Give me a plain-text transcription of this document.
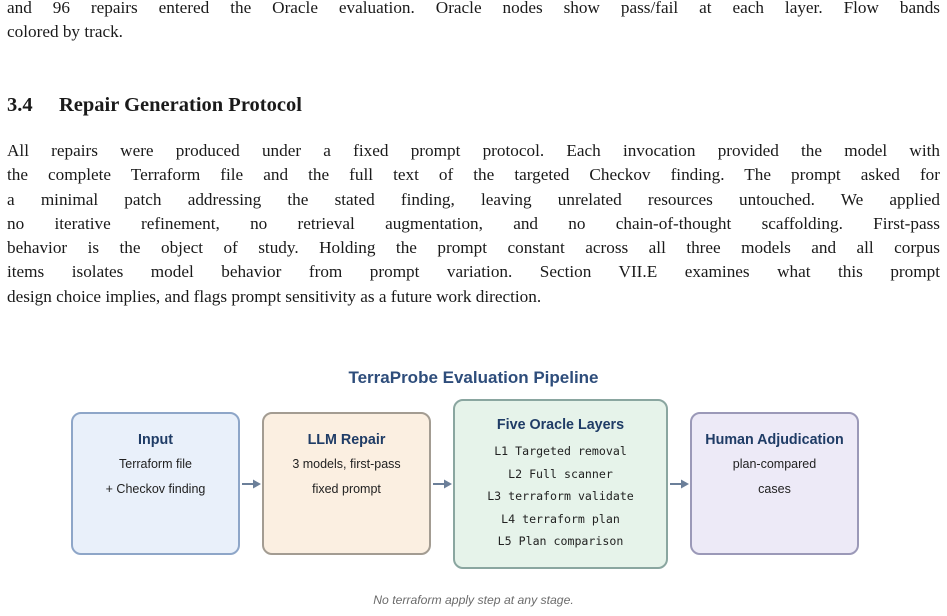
and 96 repairs entered the Oracle evaluation. Oracle nodes show pass/fail at each layer. Flow bands
colored by track.
3.4 Repair Generation Protocol
All repairs were produced under a fixed prompt protocol. Each invocation provided the model with
the complete Terraform file and the full text of the targeted Checkov finding. The prompt asked for
a minimal patch addressing the stated finding, leaving unrelated resources untouched. We applied
no iterative refinement, no retrieval augmentation, and no chain-of-thought scaffolding. First-pass
behavior is the object of study. Holding the prompt constant across all three models and all corpus
items isolates model behavior from prompt variation. Section VII.E examines what this prompt
design choice implies, and flags prompt sensitivity as a future work direction.
TerraProbe Evaluation Pipeline
Input
Terraform file
+ Checkov finding
LLM Repair
3 models, first-pass
fixed prompt
Five Oracle Layers
L1 Targeted removal
L2 Full scanner
L3 terraform validate
L4 terraform plan
L5 Plan comparison
Human Adjudication
plan-compared
cases
No terraform apply step at any stage.
